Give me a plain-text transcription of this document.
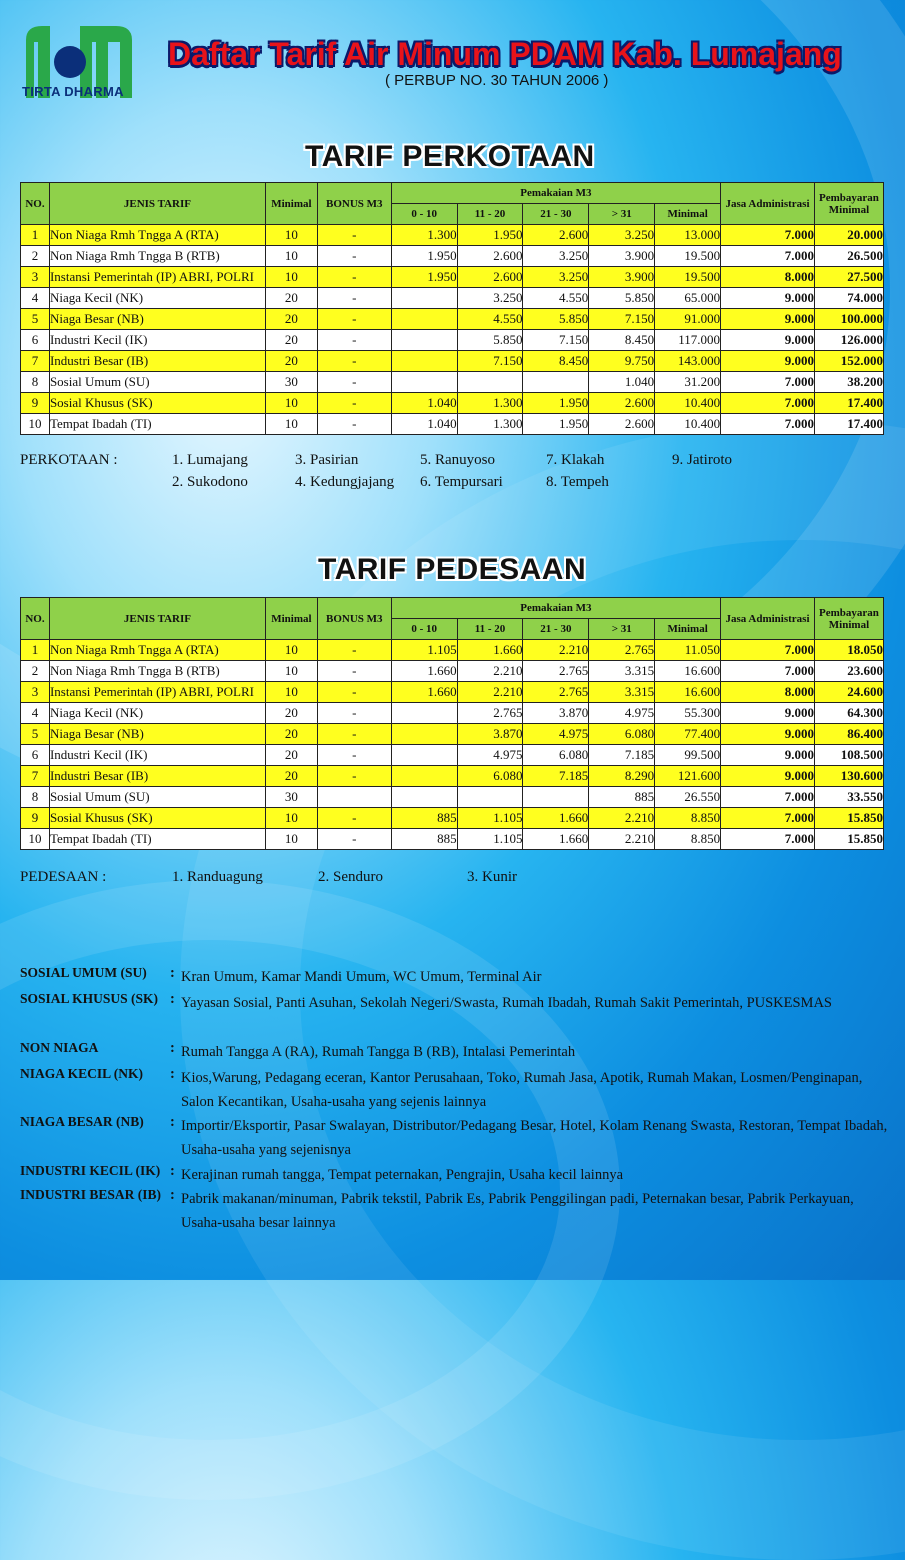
TIRTA DHARMA
Daftar Tarif Air Minum PDAM Kab. Lumajang
( PERBUP NO. 30 TAHUN 2006 )
TARIF PERKOTAAN
NO.	JENIS TARIF	Minimal	BONUS M3	Pemakaian M3					Jasa Administrasi	Pembayaran Minimal
				0 - 10	11 - 20	21 - 30	> 31	Minimal		
1	Non Niaga Rmh Tngga A (RTA)	10	-	1.300	1.950	2.600	3.250	13.000	7.000	20.000
2	Non Niaga Rmh Tngga B (RTB)	10	-	1.950	2.600	3.250	3.900	19.500	7.000	26.500
3	Instansi Pemerintah (IP) ABRI, POLRI	10	-	1.950	2.600	3.250	3.900	19.500	8.000	27.500
4	Niaga Kecil (NK)	20	-		3.250	4.550	5.850	65.000	9.000	74.000
5	Niaga Besar (NB)	20	-		4.550	5.850	7.150	91.000	9.000	100.000
6	Industri Kecil (IK)	20	-		5.850	7.150	8.450	117.000	9.000	126.000
7	Industri Besar (IB)	20	-		7.150	8.450	9.750	143.000	9.000	152.000
8	Sosial Umum (SU)	30	-				1.040	31.200	7.000	38.200
9	Sosial Khusus (SK)	10	-	1.040	1.300	1.950	2.600	10.400	7.000	17.400
10	Tempat Ibadah (TI)	10	-	1.040	1.300	1.950	2.600	10.400	7.000	17.400
PERKOTAAN :	1. Lumajang
2. Sukodono
3. Pasirian
4. Kedungjajang
5. Ranuyoso
6. Tempursari
7. Klakah
8. Tempeh
9. Jatiroto
TARIF PEDESAAN
NO.	JENIS TARIF	Minimal	BONUS M3	Pemakaian M3					Jasa Administrasi	Pembayaran Minimal
				0 - 10	11 - 20	21 - 30	> 31	Minimal		
1	Non Niaga Rmh Tngga A (RTA)	10	-	1.105	1.660	2.210	2.765	11.050	7.000	18.050
2	Non Niaga Rmh Tngga B (RTB)	10	-	1.660	2.210	2.765	3.315	16.600	7.000	23.600
3	Instansi Pemerintah (IP) ABRI, POLRI	10	-	1.660	2.210	2.765	3.315	16.600	8.000	24.600
4	Niaga Kecil (NK)	20	-		2.765	3.870	4.975	55.300	9.000	64.300
5	Niaga Besar (NB)	20	-		3.870	4.975	6.080	77.400	9.000	86.400
6	Industri Kecil (IK)	20	-		4.975	6.080	7.185	99.500	9.000	108.500
7	Industri Besar (IB)	20	-		6.080	7.185	8.290	121.600	9.000	130.600
8	Sosial Umum (SU)	30					885	26.550	7.000	33.550
9	Sosial Khusus (SK)	10	-	885	1.105	1.660	2.210	8.850	7.000	15.850
10	Tempat Ibadah (TI)	10	-	885	1.105	1.660	2.210	8.850	7.000	15.850
PEDESAAN :	1. Randuagung	2. Senduro	3. Kunir
SOSIAL UMUM (SU) : Kran Umum, Kamar Mandi Umum, WC Umum, Terminal Air
SOSIAL KHUSUS (SK) : Yayasan Sosial, Panti Asuhan, Sekolah Negeri/Swasta, Rumah Ibadah, Rumah Sakit Pemerintah, PUSKESMAS
NON NIAGA	: Rumah Tangga A (RA), Rumah Tangga B (RB), Intalasi Pemerintah
NIAGA KECIL (NK) : Kios,Warung, Pedagang eceran, Kantor Perusahaan, Toko, Rumah Jasa, Apotik, Rumah Makan, Losmen/Penginapan, Salon Kecantikan, Usaha-usaha yang sejenis lainnya
NIAGA BESAR (NB) : Importir/Eksportir, Pasar Swalayan, Distributor/Pedagang Besar, Hotel, Kolam Renang Swasta, Restoran, Tempat Ibadah, Usaha-usaha yang sejenisnya
INDUSTRI KECIL (IK) : Kerajinan rumah tangga, Tempat peternakan, Pengrajin, Usaha kecil lainnya
INDUSTRI BESAR (IB) : Pabrik makanan/minuman, Pabrik tekstil, Pabrik Es, Pabrik Penggilingan padi, Peternakan besar, Pabrik Perkayuan, Usaha-usaha besar lainnya
